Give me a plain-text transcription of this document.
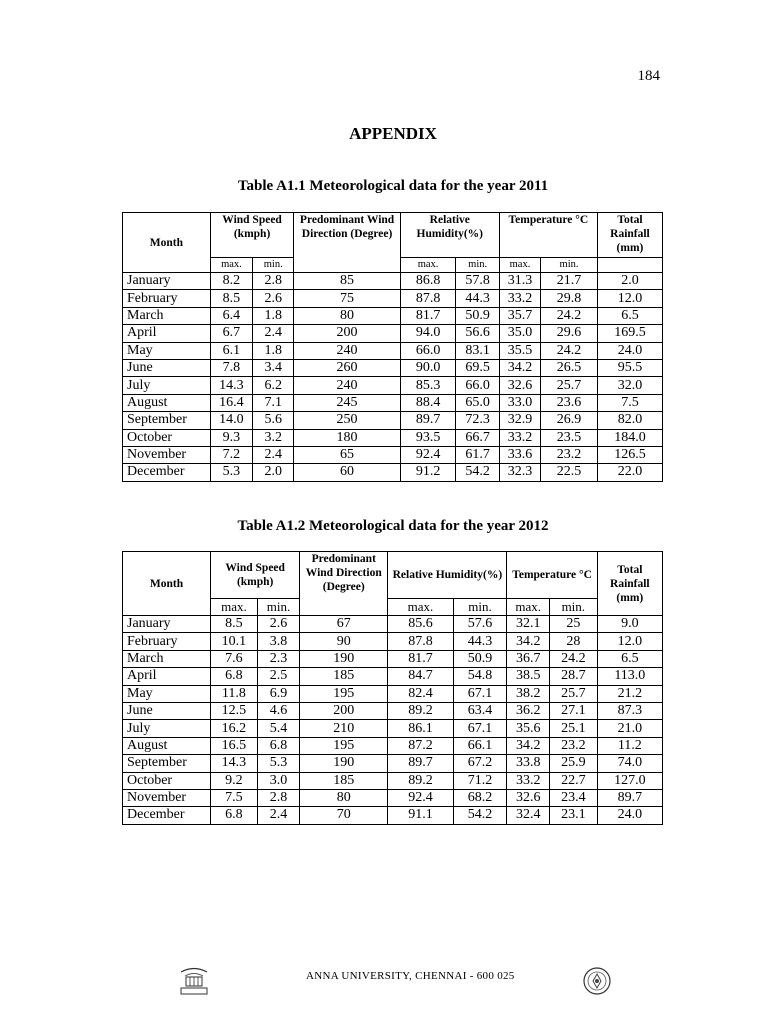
184
APPENDIX
Table A1.1 Meteorological data for the year 2011
Month	Wind Speed (kmph)		Predominant Wind Direction (Degree)	Relative Humidity(%)		Temperature °C		Total Rainfall (mm)
	max.	min.		max.	min.	max.	min.	
January	8.2	2.8	85	86.8	57.8	31.3	21.7	2.0
February	8.5	2.6	75	87.8	44.3	33.2	29.8	12.0
March	6.4	1.8	80	81.7	50.9	35.7	24.2	6.5
April	6.7	2.4	200	94.0	56.6	35.0	29.6	169.5
May	6.1	1.8	240	66.0	83.1	35.5	24.2	24.0
June	7.8	3.4	260	90.0	69.5	34.2	26.5	95.5
July	14.3	6.2	240	85.3	66.0	32.6	25.7	32.0
August	16.4	7.1	245	88.4	65.0	33.0	23.6	7.5
September	14.0	5.6	250	89.7	72.3	32.9	26.9	82.0
October	9.3	3.2	180	93.5	66.7	33.2	23.5	184.0
November	7.2	2.4	65	92.4	61.7	33.6	23.2	126.5
December	5.3	2.0	60	91.2	54.2	32.3	22.5	22.0
Table A1.2 Meteorological data for the year 2012
Month	Wind Speed (kmph)		Predominant Wind Direction (Degree)	Relative Humidity(%)		Temperature °C		Total Rainfall (mm)
	max.	min.		max.	min.	max.	min.	
January	8.5	2.6	67	85.6	57.6	32.1	25	9.0
February	10.1	3.8	90	87.8	44.3	34.2	28	12.0
March	7.6	2.3	190	81.7	50.9	36.7	24.2	6.5
April	6.8	2.5	185	84.7	54.8	38.5	28.7	113.0
May	11.8	6.9	195	82.4	67.1	38.2	25.7	21.2
June	12.5	4.6	200	89.2	63.4	36.2	27.1	87.3
July	16.2	5.4	210	86.1	67.1	35.6	25.1	21.0
August	16.5	6.8	195	87.2	66.1	34.2	23.2	11.2
September	14.3	5.3	190	89.7	67.2	33.8	25.9	74.0
October	9.2	3.0	185	89.2	71.2	33.2	22.7	127.0
November	7.5	2.8	80	92.4	68.2	32.6	23.4	89.7
December	6.8	2.4	70	91.1	54.2	32.4	23.1	24.0
ANNA UNIVERSITY, CHENNAI - 600 025
